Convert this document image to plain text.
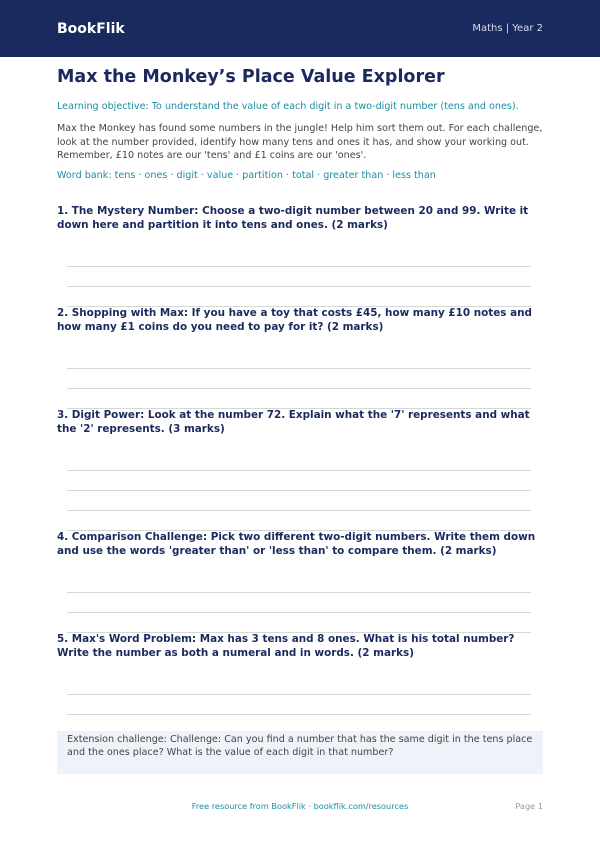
BookFlik	Maths | Year 2
Max the Monkey’s Place Value Explorer

Learning objective: To understand the value of each digit in a two-digit number (tens and ones).

Max the Monkey has found some numbers in the jungle! Help him sort them out. For each challenge, look at the number provided, identify how many tens and ones it has, and show your working out. Remember, £10 notes are our 'tens' and £1 coins are our 'ones'.

Word bank: tens · ones · digit · value · partition · total · greater than · less than

1. The Mystery Number: Choose a two-digit number between 20 and 99. Write it down here and partition it into tens and ones. (2 marks)

2. Shopping with Max: If you have a toy that costs £45, how many £10 notes and how many £1 coins do you need to pay for it? (2 marks)

3. Digit Power: Look at the number 72. Explain what the '7' represents and what the '2' represents. (3 marks)

4. Comparison Challenge: Pick two different two-digit numbers. Write them down and use the words 'greater than' or 'less than' to compare them. (2 marks)

5. Max's Word Problem: Max has 3 tens and 8 ones. What is his total number? Write the number as both a numeral and in words. (2 marks)

Extension challenge: Challenge: Can you find a number that has the same digit in the tens place and the ones place? What is the value of each digit in that number?
Free resource from BookFlik · bookflik.com/resources	Page 1
